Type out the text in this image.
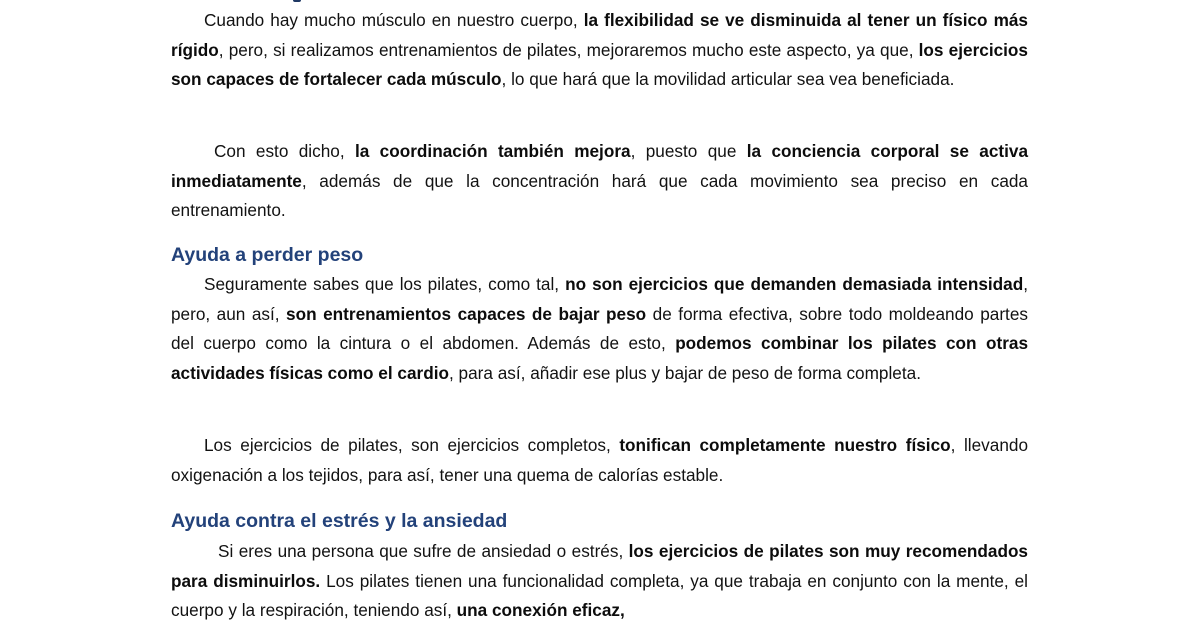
Cuando hay mucho músculo en nuestro cuerpo, la flexibilidad se ve disminuida al tener un físico más rígido, pero, si realizamos entrenamientos de pilates, mejoraremos mucho este aspecto, ya que, los ejercicios son capaces de fortalecer cada músculo, lo que hará que la movilidad articular sea vea beneficiada.

Con esto dicho, la coordinación también mejora, puesto que la conciencia corporal se activa inmediatamente, además de que la concentración hará que cada movimiento sea preciso en cada entrenamiento.

Ayuda a perder peso

Seguramente sabes que los pilates, como tal, no son ejercicios que demanden demasiada intensidad, pero, aun así, son entrenamientos capaces de bajar peso de forma efectiva, sobre todo moldeando partes del cuerpo como la cintura o el abdomen. Además de esto, podemos combinar los pilates con otras actividades físicas como el cardio, para así, añadir ese plus y bajar de peso de forma completa.

Los ejercicios de pilates, son ejercicios completos, tonifican completamente nuestro físico, llevando oxigenación a los tejidos, para así, tener una quema de calorías estable.

Ayuda contra el estrés y la ansiedad

Si eres una persona que sufre de ansiedad o estrés, los ejercicios de pilates son muy recomendados para disminuirlos. Los pilates tienen una funcionalidad completa, ya que trabaja en conjunto con la mente, el cuerpo y la respiración, teniendo así, una conexión eficaz,
